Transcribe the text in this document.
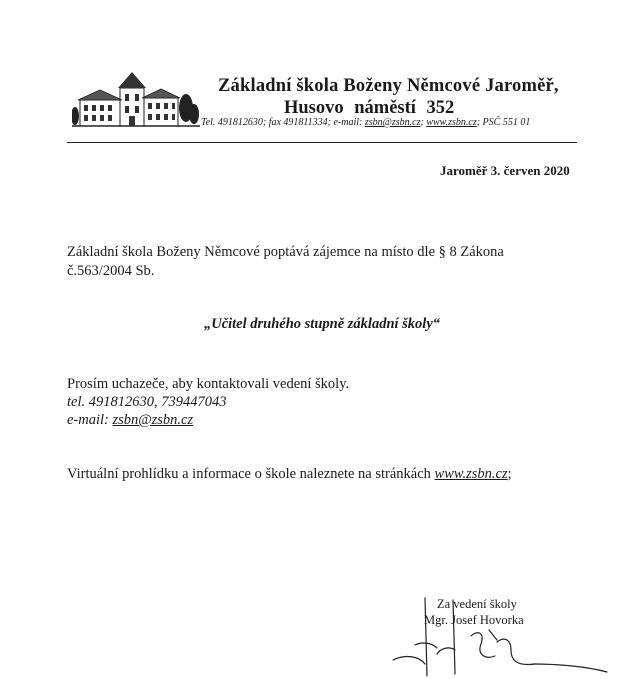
Základní škola Boženy Němcové Jaroměř,
Husovo náměstí 352
Tel. 491812630; fax 491811334; e-mail: zsbn@zsbn.cz; www.zsbn.cz; PSČ 551 01
Jaroměř 3. červen 2020
Základní škola Boženy Němcové poptává zájemce na místo dle § 8 Zákona č.563/2004 Sb.
„Učitel druhého stupně základní školy“
Prosím uchazeče, aby kontaktovali vedení školy.
tel. 491812630, 739447043
e-mail: zsbn@zsbn.cz
Virtuální prohlídku a informace o škole naleznete na stránkách www.zsbn.cz;
Za vedení školy
Mgr. Josef Hovorka
